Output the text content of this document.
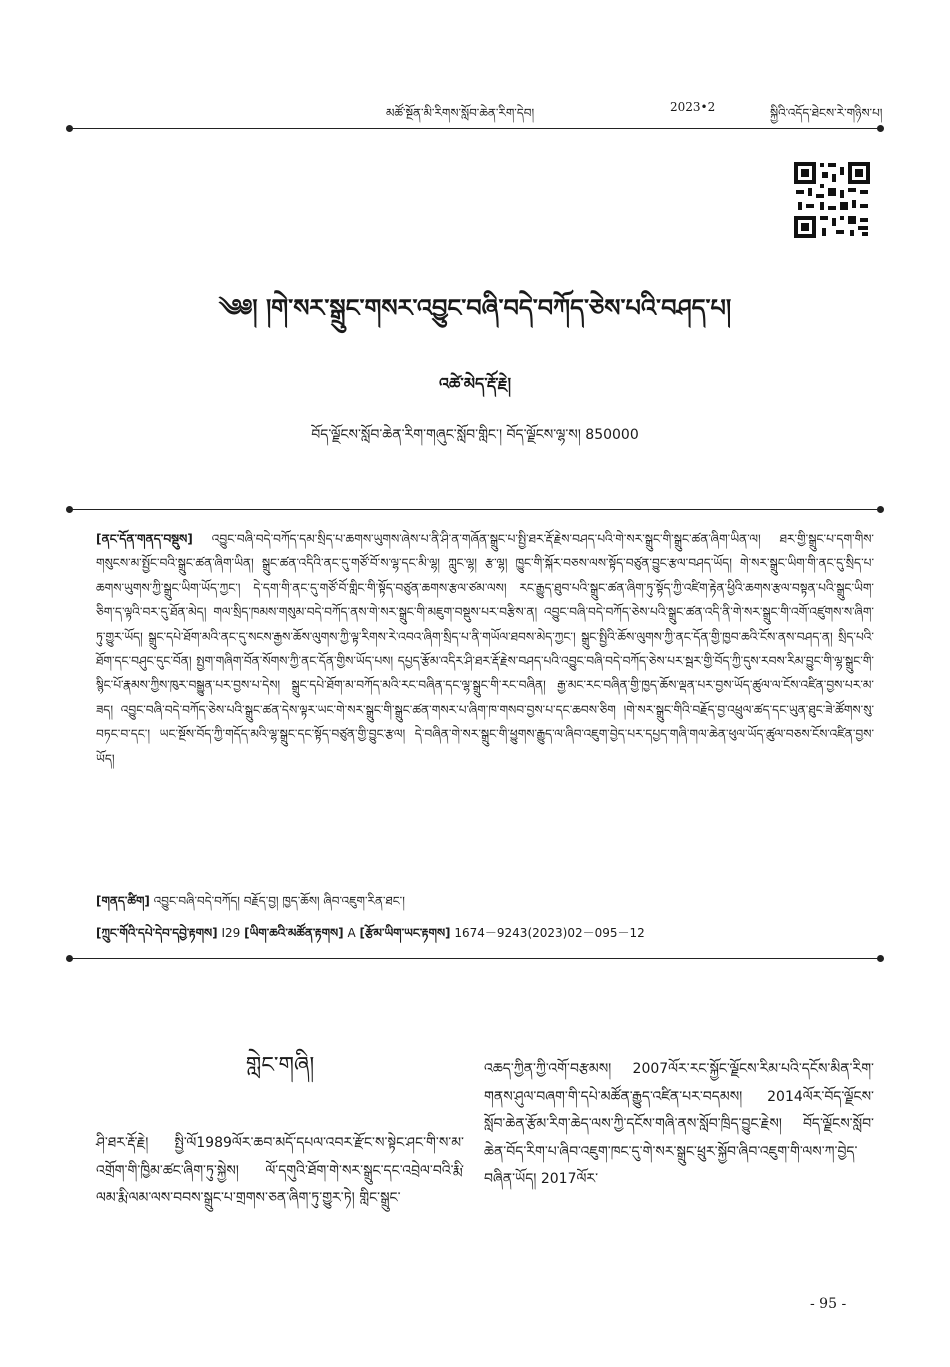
མཚོ་སྔོན་མི་རིགས་སློབ་ཆེན་རིག་དེབ།	2023•2	སྐྱིའི་འདོད་ཐེངས་རེ་གཉིས་པ།
༄༅། །གེ་སར་སྒྲུང་གསར་འབྱུང་བཞི་བདེ་བཀོད་ཅེས་པའི་བཤད་པ།
འཚེ་མེད་རྡོ་རྗེ།
བོད་ལྗོངས་སློབ་ཆེན་རིག་གཞུང་སློབ་གླིང་། བོད་ལྗོངས་ལྷ་ས། 850000
[ནང་དོན་གནད་བསྡུས] འབྱུང་བཞི་བདེ་བཀོད་དམ་སྲིད་པ་ཆགས་ཡུགས་ཞེས་པ་ནི་ཤི་ན་གཞོན་སྒྲུང་པ་སྤྱི་ཐར་རྡོ་རྗེས་བཤད་པའི་གེ་སར་སྒྲུང་གི་སྒྲུང་ཚན་ཞིག་ཡིན་ལ། ཐར་གྱི་སྒྲུང་པ་དག་གིས་གསུངས་མ་སྤྱོང་བའི་སྒྲུང་ཚན་ཞིག་ཡིན། སྒྲུང་ཚན་འདིའི་ནང་དུ་གཙོ་བོ་ས་ལྷ་དང་མི་ལྷ། ཀླུང་ལྷ། རྩ་ལྷ། ཁྱུང་གི་སྐོར་བཅས་ལས་སྟོད་བཙུན་བྱུང་རྩལ་བཤད་ཡོད། གེ་སར་སྒྲུང་ཡིག་གི་ནང་དུ་སྲིད་པ་ཆགས་ཡུགས་ཀྱི་སྒྲུང་ཡིག་ཡོད་ཀྱང་། དེ་དག་གི་ནང་དུ་གཙོ་བོ་གླིང་གི་སྟོད་བཙུན་ཆགས་རྩལ་ཙམ་ལས། རང་རྒྱུད་ཐུབ་པའི་སྒྲུང་ཚན་ཞིག་ཏུ་སྟོད་ཀྱི་འཛིག་རྟེན་ཕྱིའི་ཆགས་རྩལ་བསྟན་པའི་སྒྲུང་ཡིག་ཅིག་ད་ལྟའི་བར་དུ་ཐོན་མེད། གལ་སྲིད་ཁམས་གསུམ་བདེ་བཀོད་ནས་གེ་སར་སྒྲུང་གི་མཇུག་བསྡུས་པར་བརྩིས་ན། འབྱུང་བཞི་བདེ་བཀོད་ཅེས་པའི་སྒྲུང་ཚན་འདི་ནི་གེ་སར་སྒྲུང་གི་འགོ་འཛུགས་ས་ཞིག་ཏུ་གྱུར་ཡོད། སྒྲུང་དཔེ་ཐོག་མའི་ནང་དུ་སངས་རྒྱས་ཆོས་ལུགས་ཀྱི་ལྟ་རིགས་རེ་འབའ་ཞིག་སྲིད་པ་ནི་གཡོལ་ཐབས་མེད་ཀྱང་། སྒྲུང་སྤྱིའི་ཆོས་ལུགས་ཀྱི་ནང་དོན་གྱི་ཁྱབ་ཆའི་ངོས་ནས་བཤད་ན། སྲིད་པའི་ཐོག་དང་བཤུང་དུང་བོན། སྤྱག་གཞིག་བོན་སོགས་ཀྱི་ནང་དོན་གྱིས་ཡོད་པས། དཔྱད་རྩོམ་འདིར་ཤི་ཐར་རྡོ་རྗེས་བཤད་པའི་འབྱུང་བཞི་བདེ་བཀོད་ཅེས་པར་སྦར་གྱི་བོད་ཀྱི་དུས་རབས་རིམ་བྱུང་གི་ལྷ་སྒྲུང་གི་སྙིང་པོ་རྣམས་ཀྱིས་ཁུར་བསྒྱུན་པར་བྱས་པ་དེས། སྒྲུང་དཔེ་ཐོག་མ་བཀོད་མའི་རང་བཞིན་དང་ལྷ་སྒྲུང་གི་རང་བཞིན། རྒྱ་མང་རང་བཞིན་གྱི་ཁྱད་ཆོས་ལྡན་པར་བྱས་ཡོད་ཚུལ་ལ་ངོས་འཛིན་བྱས་པར་མ་ཟད། འབྱུང་བཞི་བདེ་བཀོད་ཅེས་པའི་སྒྲུང་ཚན་དེས་ལྟར་ཡང་གེ་སར་སྒྲུང་གི་སྒྲུང་ཚན་གསར་པ་ཞིག་ཁ་གསབ་བྱས་པ་དང་ཆབས་ཅིག །གེ་སར་སྒྲུང་གིའི་བརྗོད་བྱ་འཕྲུལ་ཚད་དང་ཡུན་ཐུང་ཟེ་ཚོགས་སུ་བཏང་བ་དང་། ཡང་སྔོས་བོད་ཀྱི་གདོད་མའི་ལྷ་སྒྲུང་དང་སྟོད་བཙུན་གྱི་བྱུང་རྩལ། དེ་བཞིན་གེ་སར་སྒྲུང་གི་ཕྱུགས་རྒྱུད་ལ་ཞིབ་འཇུག་བྱེད་པར་དཔྱད་གཞི་གལ་ཆེན་ཕུལ་ཡོད་ཚུལ་བཅས་ངོས་འཛིན་བྱས་ཡོད།
[གནད་ཚིག] འབྱུང་བཞི་བདེ་བཀོད། བརྗོད་བྱ། ཁྱད་ཆོས། ཞིབ་འཇུག་རིན་ཐང་།
[ཀྲུང་གོའི་དཔེ་དེབ་དབྱེ་རྟགས] I29 [ཡིག་ཆའི་མཚོན་རྟགས] A [རྩོམ་ཡིག་ཡང་རྟགས] 1674－9243(2023)02－095－12
གླེང་གཞི།
ཤི་ཐར་རྡོ་རྗེ། སྤྱི་ལོ1989ལོར་ཆབ་མདོ་དཔལ་འབར་རྫོང་ས་སྟེང་ཤང་གི་ས་མ་འགྲོག་གི་ཁྱིམ་ཚང་ཞིག་ཏུ་སྐྱེས། ལོ་དགུའི་ཐོག་གེ་སར་སྒྲུང་དང་འབྲེལ་བའི་རྨི་ལམ་རྨི་ལམ་ལས་བབས་སྒྲུང་པ་གྲགས་ཅན་ཞིག་ཏུ་གྱུར་ཏེ། གླིང་སྒྲུང་
འཆད་ཀྱིན་ཀྱི་འགོ་བརྩམས། 2007ལོར་རང་སྐྱོང་ལྗོངས་རིམ་པའི་དངོས་མིན་རིག་གནས་ཤུལ་བཞག་གི་དཔེ་མཚོན་རྒྱུད་འཛིན་པར་བདམས། 2014ལོར་བོད་ལྗོངས་སློབ་ཆེན་རྩོམ་རིག་ཆེད་ལས་ཀྱི་དངོས་གཞི་ནས་སློབ་ཁྲིད་བྱུང་རྗེས། བོད་ལྗོངས་སློབ་ཆེན་བོད་རིག་པ་ཞིབ་འཇུག་ཁང་དུ་གེ་སར་སྒྲུང་ཕྲུར་སྐྱོབ་ཞིབ་འཇུག་གི་ལས་ཀ་བྱེད་བཞིན་ཡོད། 2017ལོར་
- 95 -
